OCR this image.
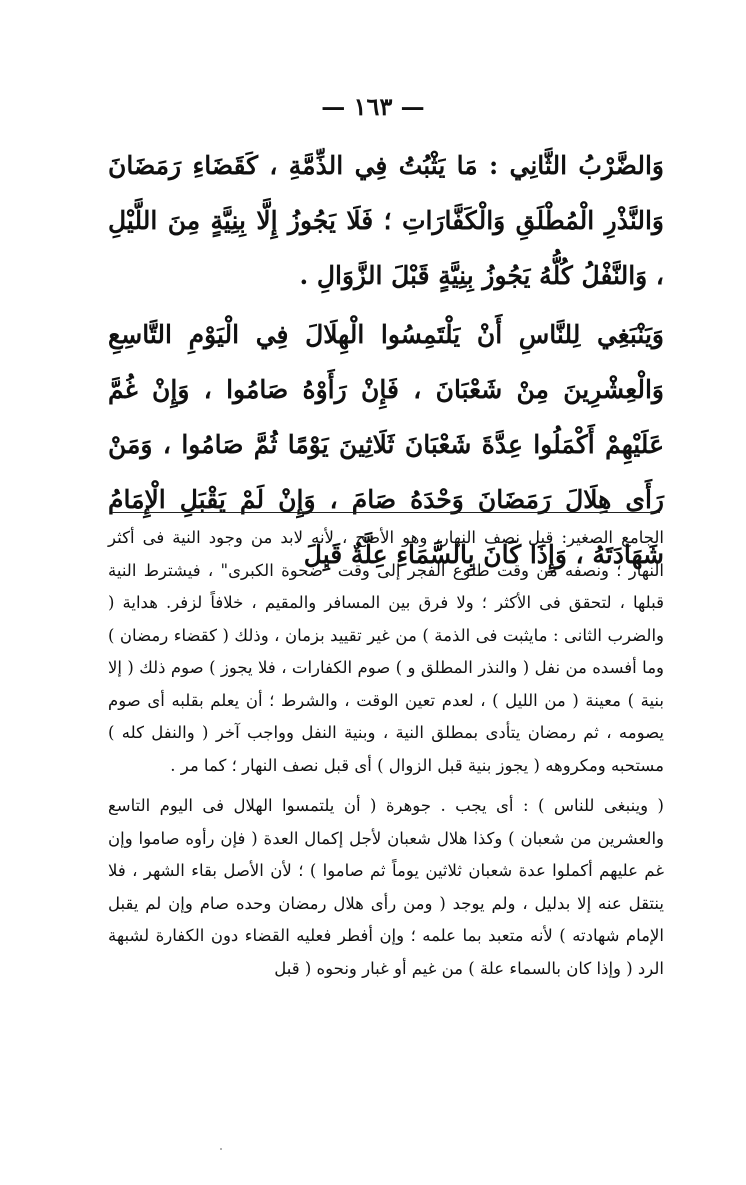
— ١٦٣ —

وَالضَّرْبُ الثَّانِي : مَا يَثْبُتُ فِي الذِّمَّةِ ، كَقَضَاءِ رَمَضَانَ وَالنَّذْرِ الْمُطْلَقِ وَالْكَفَّارَاتِ ؛ فَلَا يَجُوزُ إِلَّا بِنِيَّةٍ مِنَ اللَّيْلِ ، وَالنَّفْلُ كُلُّهُ يَجُوزُ بِنِيَّةٍ قَبْلَ الزَّوَالِ .

وَيَنْبَغِي لِلنَّاسِ أَنْ يَلْتَمِسُوا الْهِلَالَ فِي الْيَوْمِ التَّاسِعِ وَالْعِشْرِينَ مِنْ شَعْبَانَ ، فَإِنْ رَأَوْهُ صَامُوا ، وَإِنْ غُمَّ عَلَيْهِمْ أَكْمَلُوا عِدَّةَ شَعْبَانَ ثَلَاثِينَ يَوْمًا ثُمَّ صَامُوا ، وَمَنْ رَأَى هِلَالَ رَمَضَانَ وَحْدَهُ صَامَ ، وَإِنْ لَمْ يَقْبَلِ الْإِمَامُ شَهَادَتَهُ ، وَإِذَا كَانَ بِالسَّمَاءِ عِلَّةٌ قَبِلَ

الجامع الصغير: قبل نصف النهار، وهو الأصح ، لأنه لابد من وجود النية فى أكثر النهار ؛ ونصفه من وقت طلوع الفجر إلى وقت "ضحوة الكبرى" ، فيشترط النية قبلها ، لتحقق فى الأكثر ؛ ولا فرق بين المسافر والمقيم ، خلافاً لزفر. هداية ( والضرب الثانى : مايثبت فى الذمة ) من غير تقييد بزمان ، وذلك ( كقضاء رمضان ) وما أفسده من نفل ( والنذر المطلق و ) صوم الكفارات ، فلا يجوز ) صوم ذلك ( إلا بنية ) معينة ( من الليل ) ، لعدم تعين الوقت ، والشرط ؛ أن يعلم بقلبه أى صوم يصومه ، ثم رمضان يتأدى بمطلق النية ، وبنية النفل وواجب آخر ( والنفل كله ) مستحبه ومكروهه ( يجوز بنية قبل الزوال ) أى قبل نصف النهار ؛ كما مر .

( وينبغى للناس ) : أى يجب . جوهرة ( أن يلتمسوا الهلال فى اليوم التاسع والعشرين من شعبان ) وكذا هلال شعبان لأجل إكمال العدة ( فإن رأوه صاموا وإن غم عليهم أكملوا عدة شعبان ثلاثين يوماً ثم صاموا ) ؛ لأن الأصل بقاء الشهر ، فلا ينتقل عنه إلا بدليل ، ولم يوجد ( ومن رأى هلال رمضان وحده صام وإن لم يقبل الإمام شهادته ) لأنه متعبد بما علمه ؛ وإن أفطر فعليه القضاء دون الكفارة لشبهة الرد ( وإذا كان بالسماء علة ) من غيم أو غبار ونحوه ( قبل
